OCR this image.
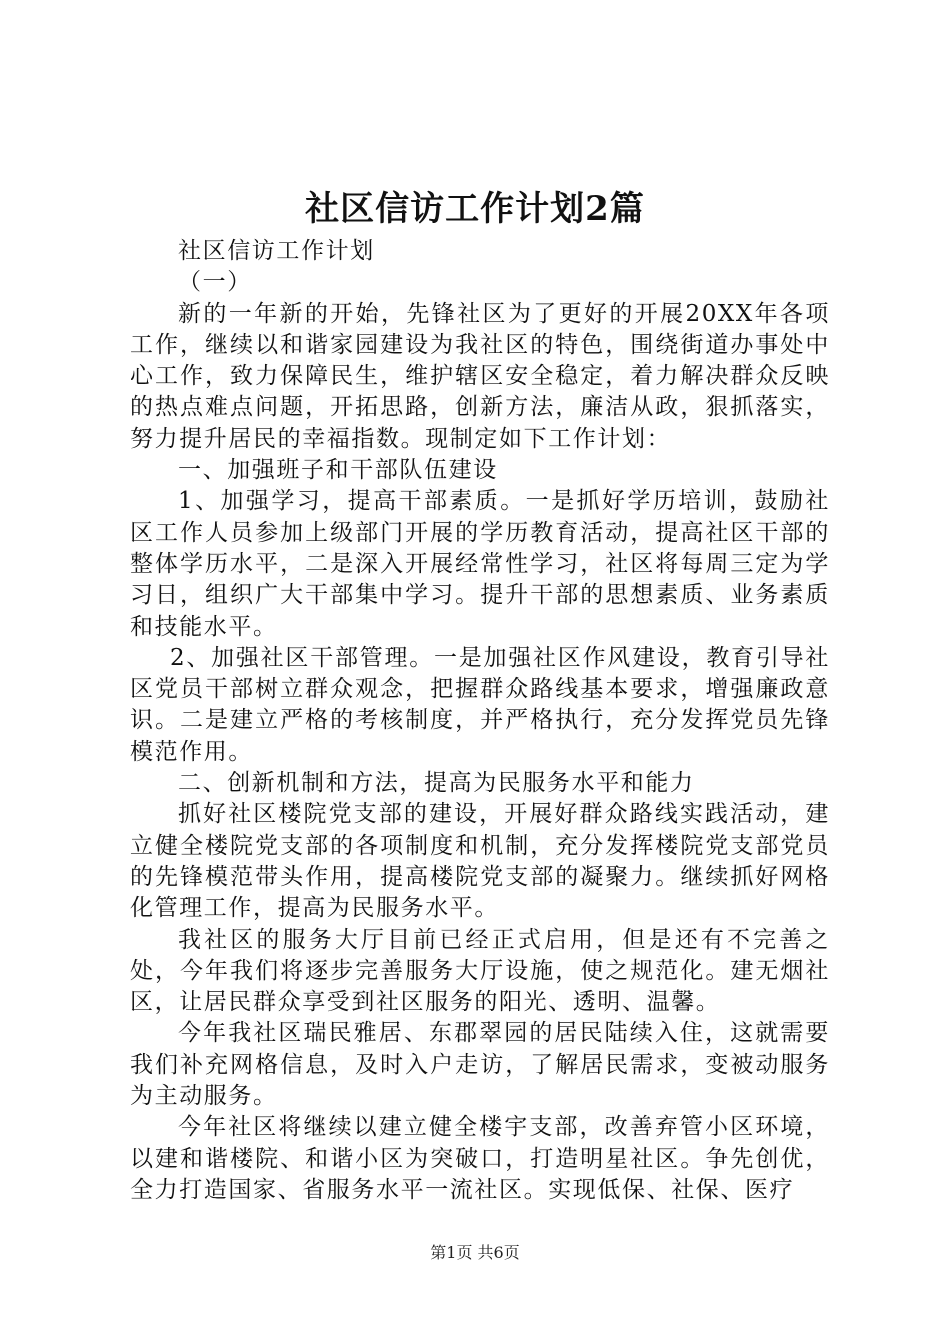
社区信访工作计划2篇

社区信访工作计划

（一）

新的一年新的开始，先锋社区为了更好的开展20XX年各项工作，继续以和谐家园建设为我社区的特色，围绕街道办事处中心工作，致力保障民生，维护辖区安全稳定，着力解决群众反映的热点难点问题，开拓思路，创新方法，廉洁从政，狠抓落实，努力提升居民的幸福指数。现制定如下工作计划：

一、加强班子和干部队伍建设

1、加强学习，提高干部素质。一是抓好学历培训，鼓励社区工作人员参加上级部门开展的学历教育活动，提高社区干部的整体学历水平，二是深入开展经常性学习，社区将每周三定为学习日，组织广大干部集中学习。提升干部的思想素质、业务素质和技能水平。

2、加强社区干部管理。一是加强社区作风建设，教育引导社区党员干部树立群众观念，把握群众路线基本要求，增强廉政意识。二是建立严格的考核制度，并严格执行，充分发挥党员先锋模范作用。

二、创新机制和方法，提高为民服务水平和能力

抓好社区楼院党支部的建设，开展好群众路线实践活动，建立健全楼院党支部的各项制度和机制，充分发挥楼院党支部党员的先锋模范带头作用，提高楼院党支部的凝聚力。继续抓好网格化管理工作，提高为民服务水平。

我社区的服务大厅目前已经正式启用，但是还有不完善之处，今年我们将逐步完善服务大厅设施，使之规范化。建无烟社区，让居民群众享受到社区服务的阳光、透明、温馨。

今年我社区瑞民雅居、东郡翠园的居民陆续入住，这就需要我们补充网格信息，及时入户走访，了解居民需求，变被动服务为主动服务。

今年社区将继续以建立健全楼宇支部，改善弃管小区环境，以建和谐楼院、和谐小区为突破口，打造明星社区。争先创优，全力打造国家、省服务水平一流社区。实现低保、社保、医疗

第1页 共6页
